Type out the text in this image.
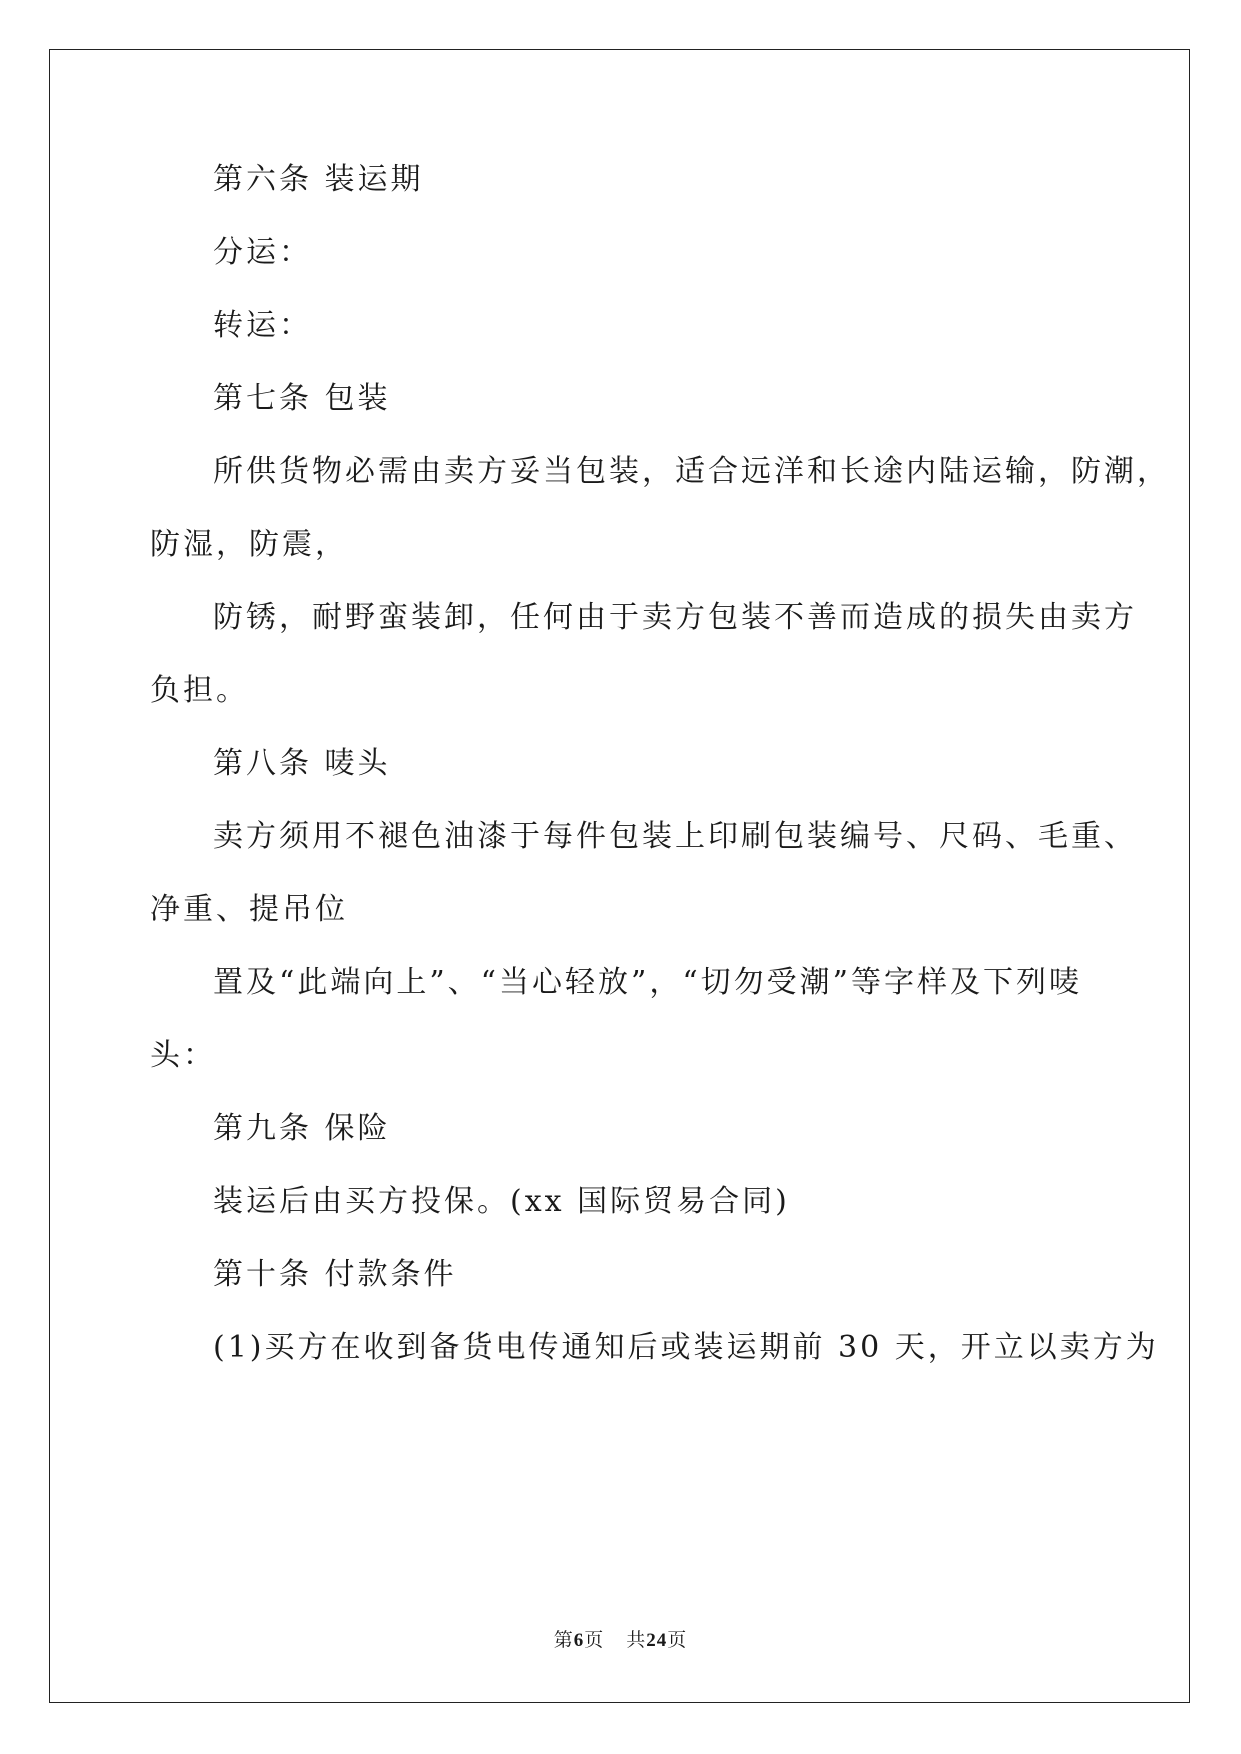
第六条 装运期
分运：
转运：
第七条 包装
所供货物必需由卖方妥当包装，适合远洋和长途内陆运输，防潮，
防湿，防震，
防锈，耐野蛮装卸，任何由于卖方包装不善而造成的损失由卖方
负担。
第八条 唛头
卖方须用不褪色油漆于每件包装上印刷包装编号、尺码、毛重、
净重、提吊位
置及“此端向上”、“当心轻放”，“切勿受潮”等字样及下列唛
头：
第九条 保险
装运后由买方投保。(xx 国际贸易合同)
第十条 付款条件
(1)买方在收到备货电传通知后或装运期前 30 天，开立以卖方为
第6页 共24页
